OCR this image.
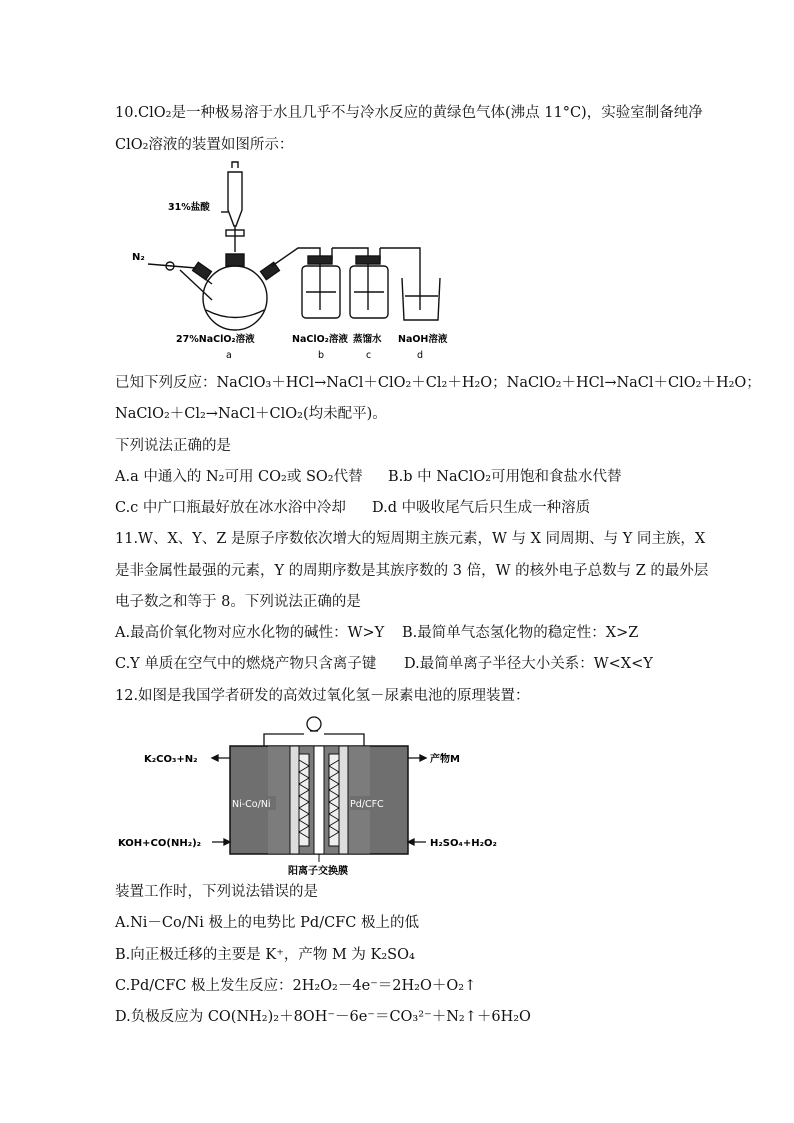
10.ClO₂是一种极易溶于水且几乎不与冷水反应的黄绿色气体(沸点 11°C)，实验室制备纯净
ClO₂溶液的装置如图所示：
31%盐酸
N₂
27%NaClO₂溶液	NaClO₂溶液 蒸馏水 NaOH溶液
a	b	c	d
已知下列反应：NaClO₃＋HCl→NaCl＋ClO₂＋Cl₂＋H₂O；NaClO₂＋HCl→NaCl＋ClO₂＋H₂O；
NaClO₂＋Cl₂→NaCl＋ClO₂(均未配平)。
下列说法正确的是
A.a 中通入的 N₂可用 CO₂或 SO₂代替 B.b 中 NaClO₂可用饱和食盐水代替
C.c 中广口瓶最好放在冰水浴中冷却 D.d 中吸收尾气后只生成一种溶质
11.W、X、Y、Z 是原子序数依次增大的短周期主族元素，W 与 X 同周期、与 Y 同主族，X
是非金属性最强的元素，Y 的周期序数是其族序数的 3 倍，W 的核外电子总数与 Z 的最外层
电子数之和等于 8。下列说法正确的是
A.最高价氧化物对应水化物的碱性：W>Y B.最简单气态氢化物的稳定性：X>Z
C.Y 单质在空气中的燃烧产物只含离子键 D.最简单离子半径大小关系：W<X<Y
12.如图是我国学者研发的高效过氧化氢－尿素电池的原理装置：
K₂CO₃+N₂	产物M
Ni-Co/Ni	Pd/CFC
KOH+CO(NH₂)₂	H₂SO₄+H₂O₂
阳离子交换膜
装置工作时，下列说法错误的是
A.Ni－Co/Ni 极上的电势比 Pd/CFC 极上的低
B.向正极迁移的主要是 K⁺，产物 M 为 K₂SO₄
C.Pd/CFC 极上发生反应：2H₂O₂－4e⁻＝2H₂O＋O₂↑
D.负极反应为 CO(NH₂)₂＋8OH⁻－6e⁻＝CO₃²⁻＋N₂↑＋6H₂O
